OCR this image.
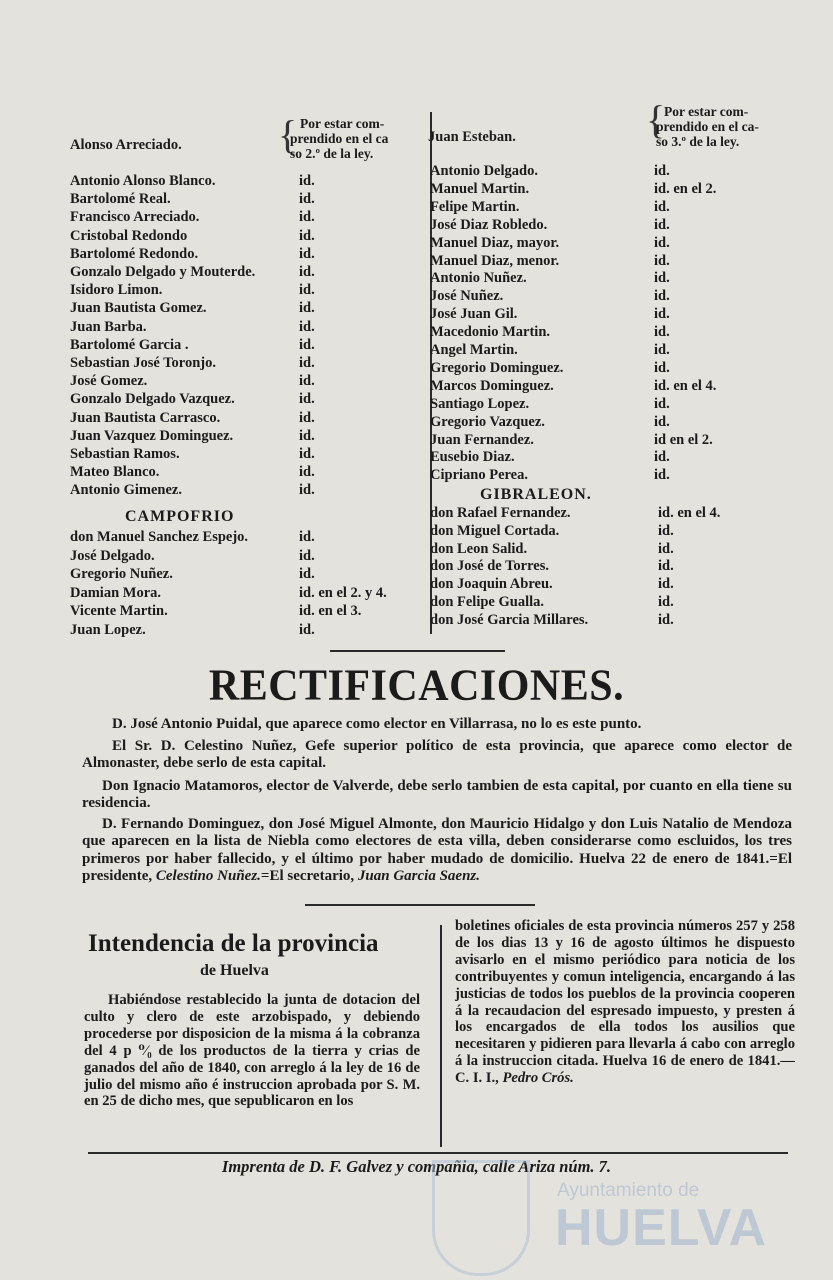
Alonso Arreciado. { Por estar com-
prendido en el ca
so 2.º de la ley.
Antonio Alonso Blanco.	id.
Bartolomé Real.	id.
Francisco Arreciado.	id.
Cristobal Redondo	id.
Bartolomé Redondo.	id.
Gonzalo Delgado y Mouterde.	id.
Isidoro Limon.	id.
Juan Bautista Gomez.	id.
Juan Barba.	id.
Bartolomé Garcia .	id.
Sebastian José Toronjo.	id.
José Gomez.	id.
Gonzalo Delgado Vazquez.	id.
Juan Bautista Carrasco.	id.
Juan Vazquez Dominguez.	id.
Sebastian Ramos.	id.
Mateo Blanco.	id.
Antonio Gimenez.	id.
CAMPOFRIO
don Manuel Sanchez Espejo.	id.
José Delgado.	id.
Gregorio Nuñez.	id.
Damian Mora.	id. en el 2. y 4.
Vicente Martin.	id. en el 3.
Juan Lopez.	id.
Juan Esteban.	{
Por estar com-
prendido en el ca-
so 3.º de la ley.
Antonio Delgado.	id.
Manuel Martin.	id. en el 2.
Felipe Martin.	id.
José Diaz Robledo.	id.
Manuel Diaz, mayor.	id.
Manuel Diaz, menor.	id.
Antonio Nuñez.	id.
José Nuñez.	id.
José Juan Gil.	id.
Macedonio Martin.	id.
Angel Martin.	id.
Gregorio Dominguez.	id.
Marcos Dominguez.	id. en el 4.
Santiago Lopez.	id.
Gregorio Vazquez.	id.
Juan Fernandez.	id en el 2.
Eusebio Diaz.	id.
Cipriano Perea.	id.
GIBRALEON.
don Rafael Fernandez.	id. en el 4.
don Miguel Cortada.	id.
don Leon Salid.	id.
don José de Torres.	id.
don Joaquin Abreu.	id.
don Felipe Gualla.	id.
don José Garcia Millares.	id.
RECTIFICACIONES.
D. José Antonio Puidal, que aparece como elector en Villarrasa, no lo es este punto.
El Sr. D. Celestino Nuñez, Gefe superior político de esta provincia, que aparece como elector de Almonaster, debe serlo de esta capital.
Don Ignacio Matamoros, elector de Valverde, debe serlo tambien de esta capital, por cuanto en ella tiene su residencia.
D. Fernando Dominguez, don José Miguel Almonte, don Mauricio Hidalgo y don Luis Natalio de Mendoza que aparecen en la lista de Niebla como electores de esta villa, deben considerarse como escluidos, los tres primeros por haber fallecido, y el último por haber mudado de domicilio. Huelva 22 de enero de 1841.=El presidente, Celestino Nuñez.=El secretario, Juan Garcia Saenz.
Intendencia de la provincia
de Huelva
Habiéndose restablecido la junta de dotacion del culto y clero de este arzobispado, y debiendo procederse por disposicion de la misma á la cobranza del 4 p ⁰⁄₀ de los productos de la tierra y crias de ganados del año de 1840, con arreglo á la ley de 16 de julio del mismo año é instruccion aprobada por S. M. en 25 de dicho mes, que sepublicaron en los
boletines oficiales de esta provincia números 257 y 258 de los dias 13 y 16 de agosto últimos he dispuesto avisarlo en el mismo periódico para noticia de los contribuyentes y comun inteligencia, encargando á las justicias de todos los pueblos de la provincia cooperen á la recaudacion del espresado impuesto, y presten á los encargados de ella todos los ausilios que necesitaren y pidieren para llevarla á cabo con arreglo á la instruccion citada. Huelva 16 de enero de 1841.—C. I. I., Pedro Crós.
Imprenta de D. F. Galvez y compañia, calle Ariza núm. 7.
Ayuntamiento de
HUELVA
